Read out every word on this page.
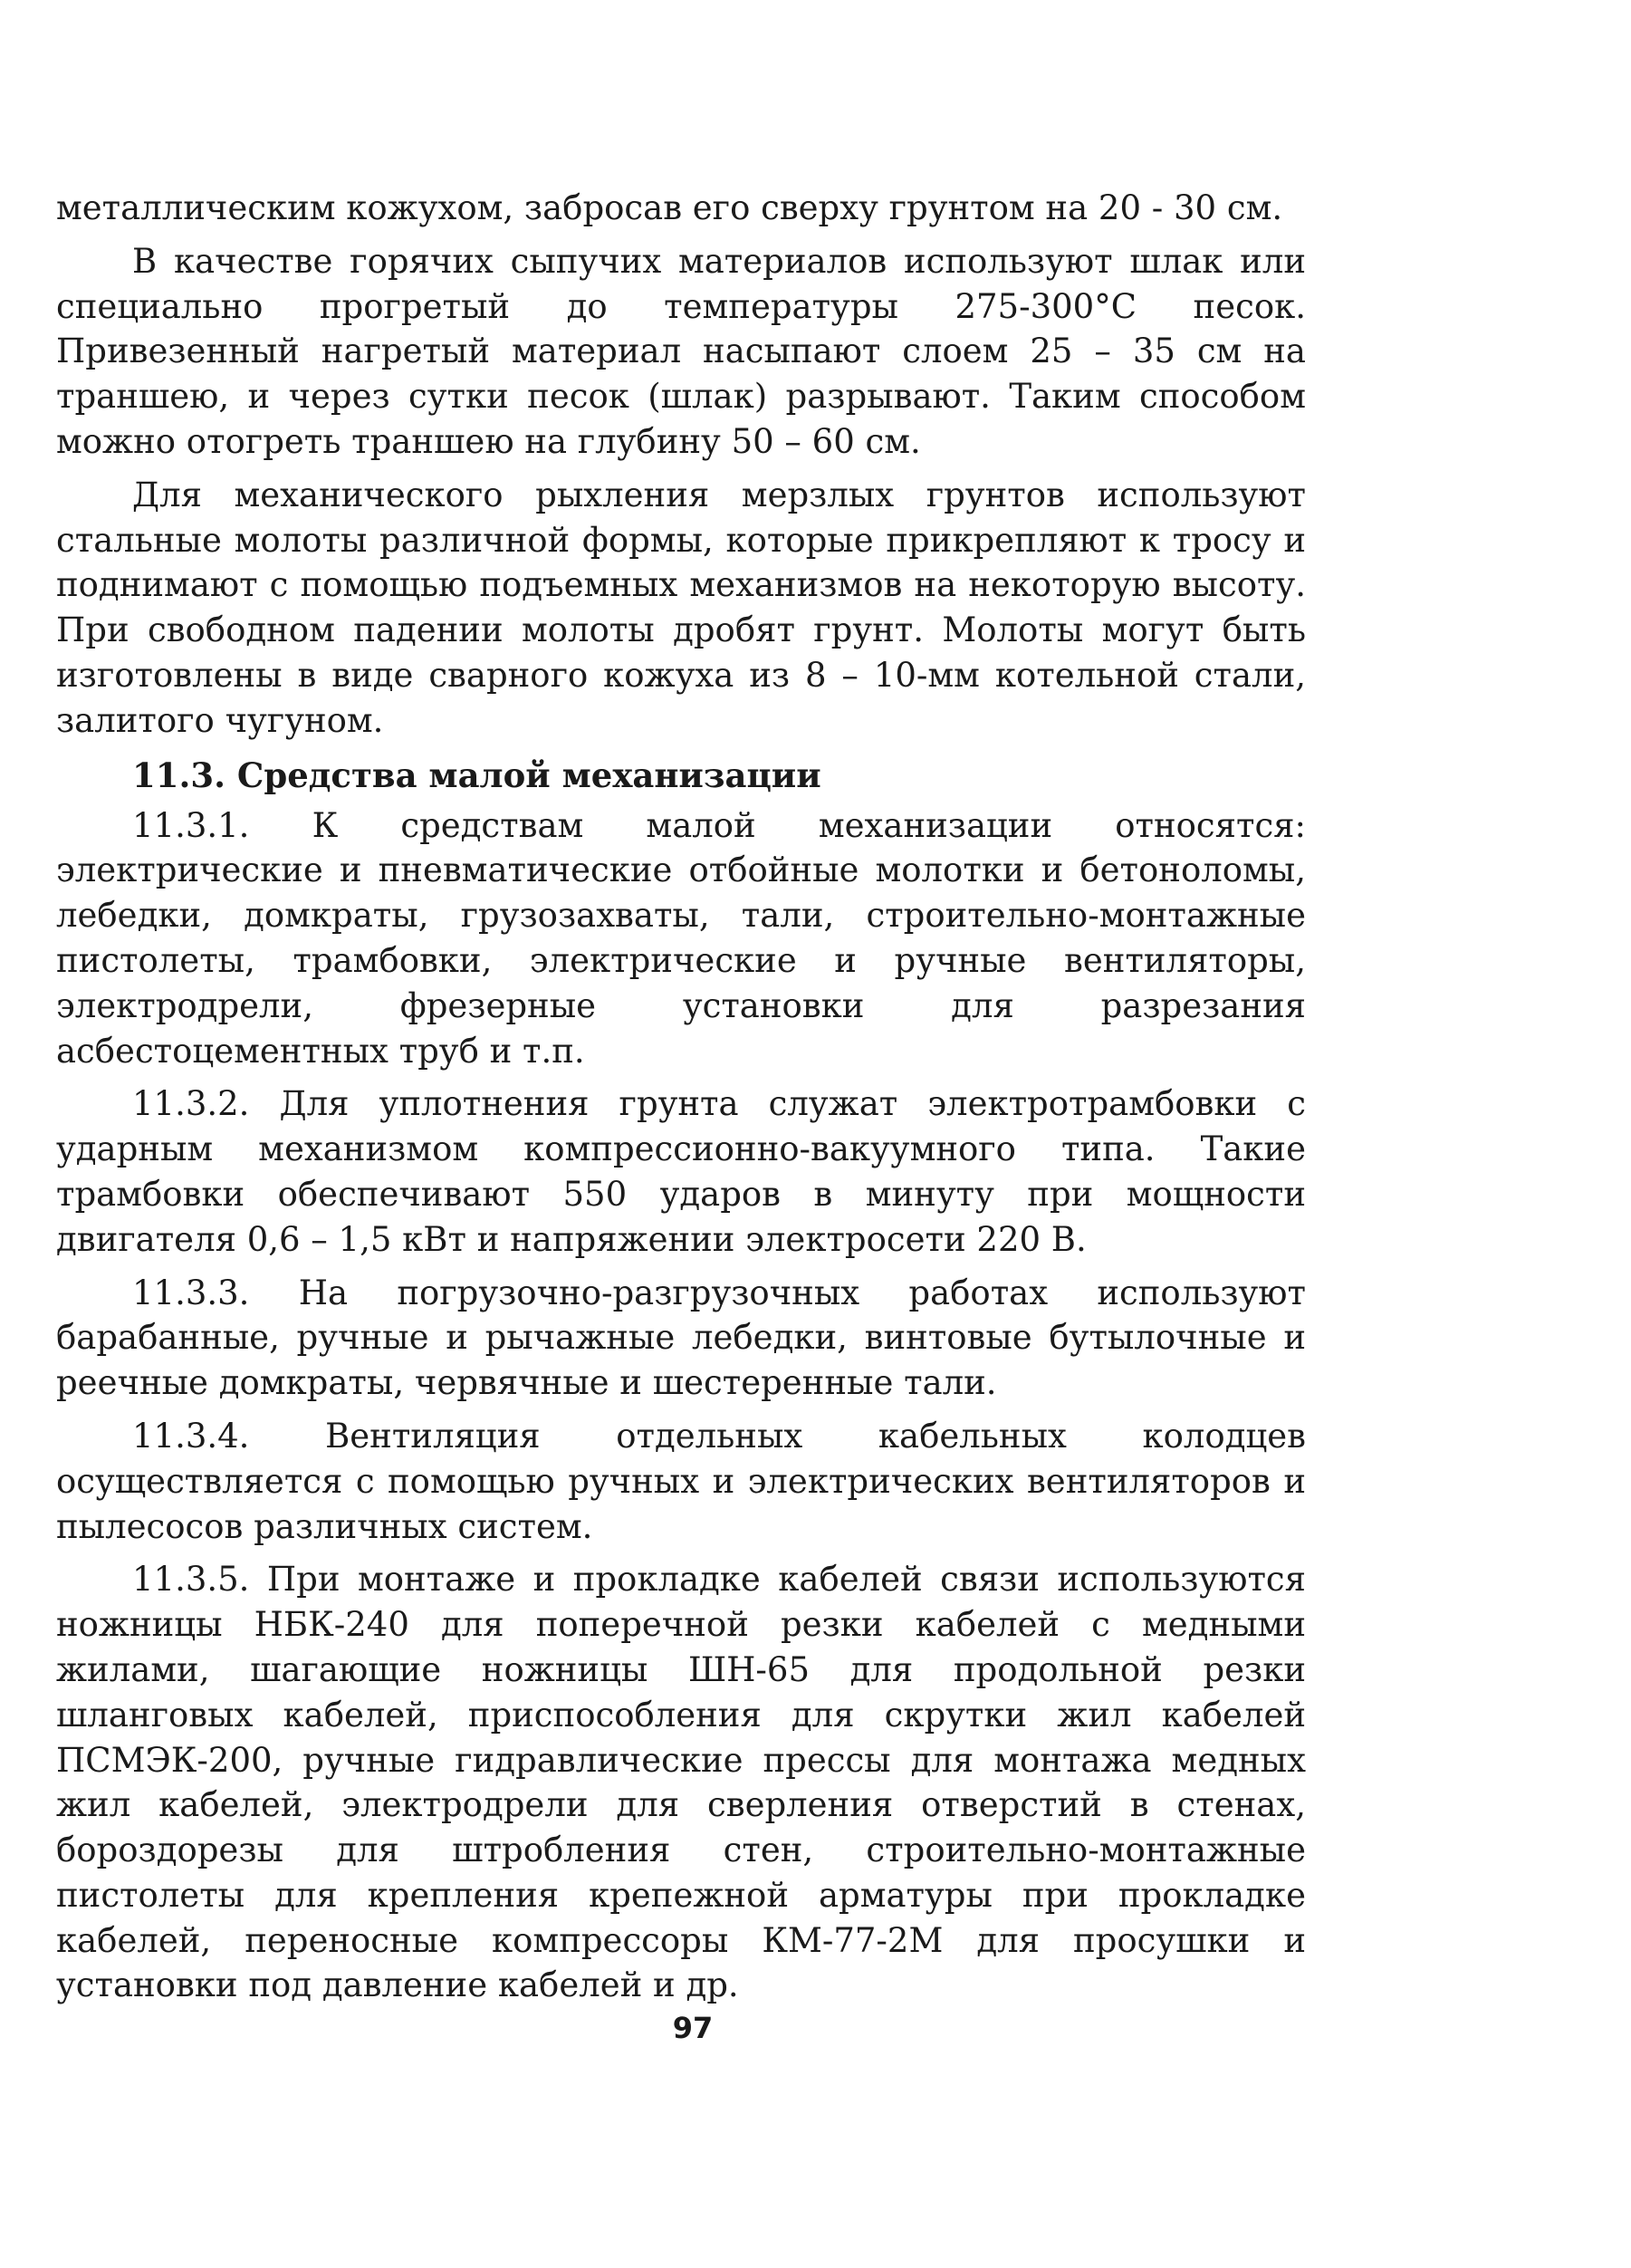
металлическим кожухом, забросав его сверху грунтом на 20 - 30 см.

В качестве горячих сыпучих материалов используют шлак или специально прогретый до температуры 275-300°С песок. Привезенный нагретый материал насыпают слоем 25 – 35 см на траншею, и через сутки песок (шлак) разрывают. Таким способом можно отогреть траншею на глубину 50 – 60 см.

Для механического рыхления мерзлых грунтов используют стальные молоты различной формы, которые прикрепляют к тросу и поднимают с помощью подъемных механизмов на некоторую высоту. При свободном падении молоты дробят грунт. Молоты могут быть изготовлены в виде сварного кожуха из 8 – 10-мм котельной стали, залитого чугуном.

11.3. Средства малой механизации

11.3.1. К средствам малой механизации относятся: электрические и пневматические отбойные молотки и бетоноломы, лебедки, домкраты, грузозахваты, тали, строительно-монтажные пистолеты, трамбовки, электрические и ручные вентиляторы, электродрели, фрезерные установки для разрезания асбестоцементных труб и т.п.

11.3.2. Для уплотнения грунта служат электротрамбовки с ударным механизмом компрессионно-вакуумного типа. Такие трамбовки обеспечивают 550 ударов в минуту при мощности двигателя 0,6 – 1,5 кВт и напряжении электросети 220 В.

11.3.3. На погрузочно-разгрузочных работах используют барабанные, ручные и рычажные лебедки, винтовые бутылочные и реечные домкраты, червячные и шестеренные тали.

11.3.4. Вентиляция отдельных кабельных колодцев осуществляется с помощью ручных и электрических вентиляторов и пылесосов различных систем.

11.3.5. При монтаже и прокладке кабелей связи используются ножницы НБК-240 для поперечной резки кабелей с медными жилами, шагающие ножницы ШН-65 для продольной резки шланговых кабелей, приспособления для скрутки жил кабелей ПСМЭК-200, ручные гидравлические прессы для монтажа медных жил кабелей, электродрели для сверления отверстий в стенах, бороздорезы для штробления стен, строительно-монтажные пистолеты для крепления крепежной арматуры при прокладке кабелей, переносные компрессоры КМ-77-2М для просушки и установки под давление кабелей и др.

97
